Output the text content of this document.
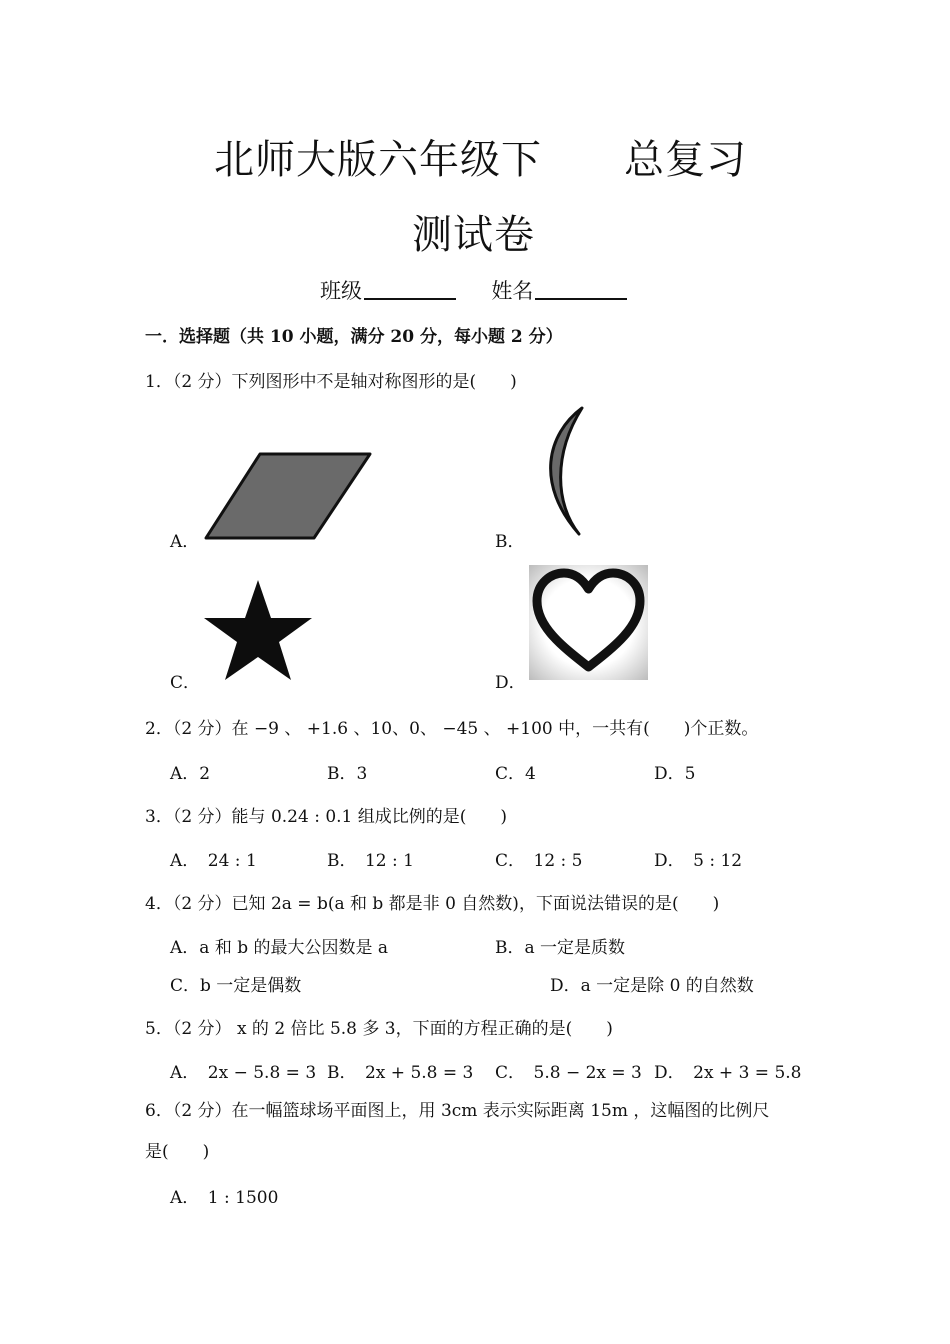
北师大版六年级下　　总复习
测试卷
班级	姓名
一．选择题（共 10 小题，满分 20 分，每小题 2 分）
1．（2 分）下列图形中不是轴对称图形的是(　　)
A．	B．
C．	D．
2．（2 分）在 −9 、 +1.6 、10、0、 −45 、 +100 中，一共有(　　)个正数。
A．2	B．3	C．4	D．5
3．（2 分）能与 0.24 : 0.1 组成比例的是(　　)
A．　24 : 1	B．　12 : 1	C．　12 : 5	D．　5 : 12
4．（2 分）已知 2a = b(a 和 b 都是非 0 自然数)，下面说法错误的是(　　)
A．a 和 b 的最大公因数是 a	B．a 一定是质数
C．b 一定是偶数	D．a 一定是除 0 的自然数
5．（2 分） x 的 2 倍比 5.8 多 3，下面的方程正确的是(　　)
A．　2x − 5.8 = 3 B．　2x + 5.8 = 3 C．　5.8 − 2x = 3 D．　2x + 3 = 5.8
6．（2 分）在一幅篮球场平面图上，用 3cm 表示实际距离 15m ，这幅图的比例尺
是(　　)
A．　1 : 1500
